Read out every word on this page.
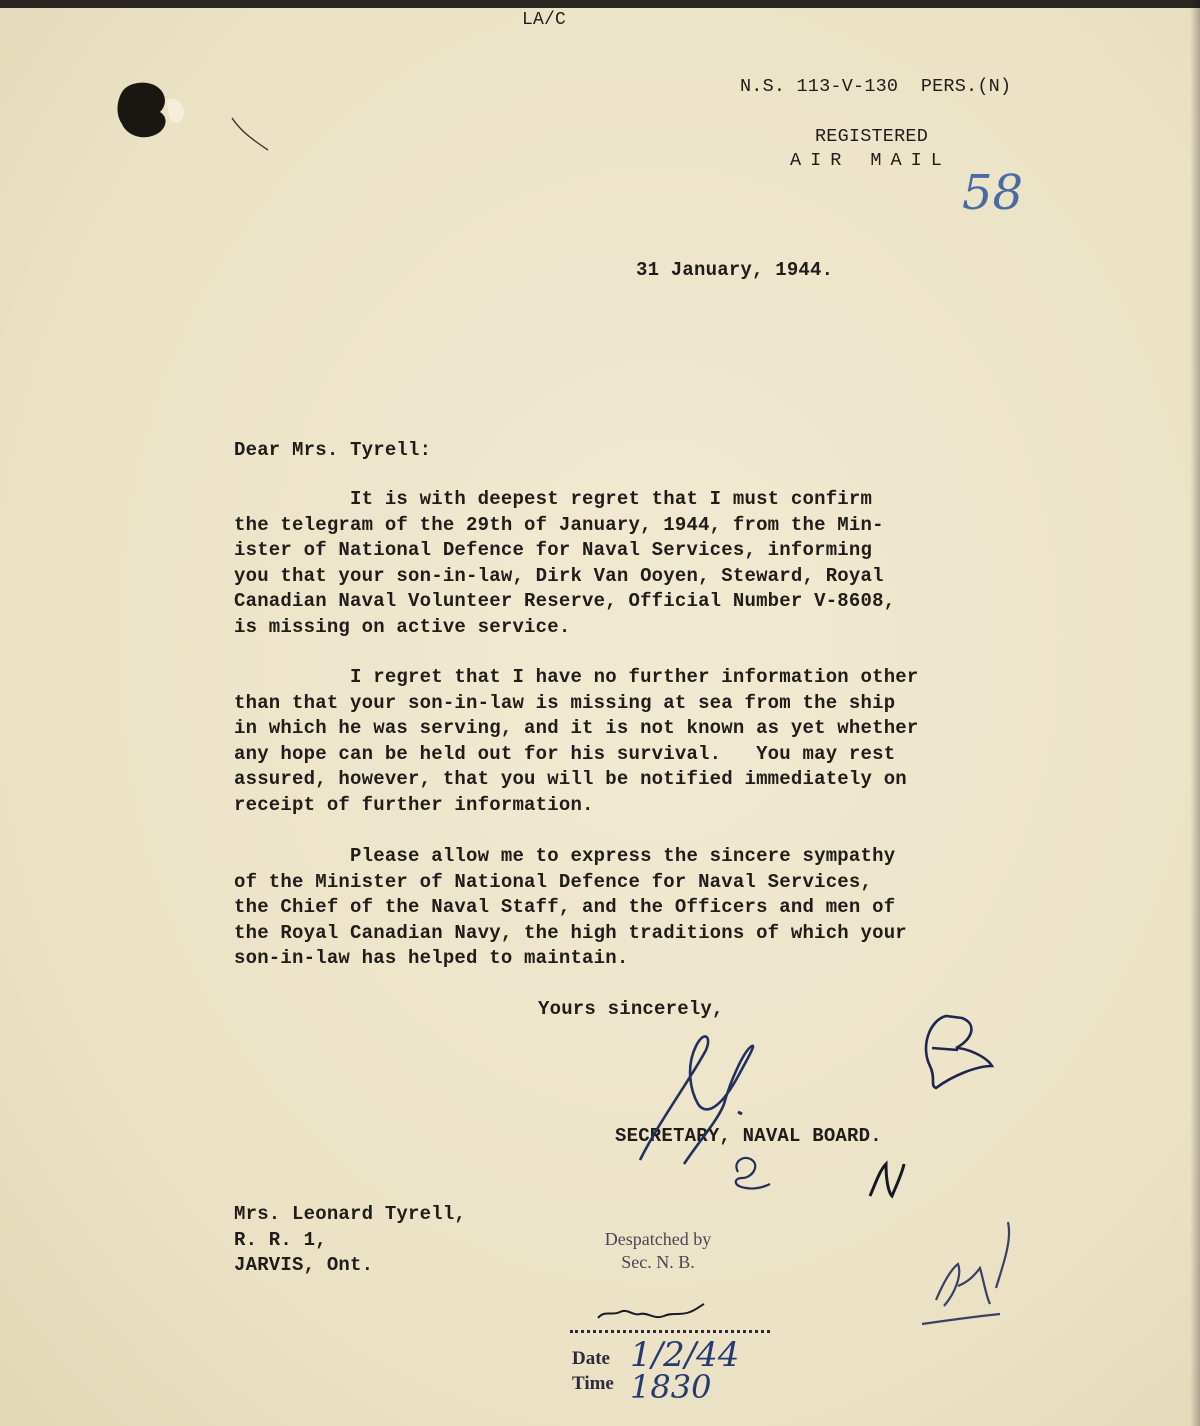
LA/C
N.S. 113-V-130  PERS.(N)
REGISTERED
AIR MAIL
58
31 January, 1944.
Dear Mrs. Tyrell:
It is with deepest regret that I must confirm
the telegram of the 29th of January, 1944, from the Min-
ister of National Defence for Naval Services, informing
you that your son-in-law, Dirk Van Ooyen, Steward, Royal
Canadian Naval Volunteer Reserve, Official Number V-8608,
is missing on active service.
I regret that I have no further information other
than that your son-in-law is missing at sea from the ship
in which he was serving, and it is not known as yet whether
any hope can be held out for his survival.   You may rest
assured, however, that you will be notified immediately on
receipt of further information.
Please allow me to express the sincere sympathy
of the Minister of National Defence for Naval Services,
the Chief of the Naval Staff, and the Officers and men of
the Royal Canadian Navy, the high traditions of which your
son-in-law has helped to maintain.
Yours sincerely,
SECRETARY, NAVAL BOARD.
Mrs. Leonard Tyrell,
R. R. 1,
JARVIS, Ont.
Despatched by
Sec. N. B.
Date
Time
1/2/44
1830
